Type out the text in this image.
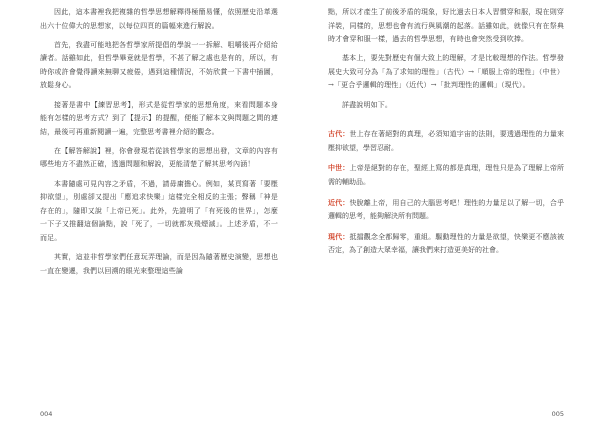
因此，這本書裡我把複雜的哲學思想解釋得極簡易懂，依照歷史沿革選出六十位偉大的思想家，以每位四頁的篇幅來進行解說。

首先，我盡可能地把各哲學家所提倡的學說一一拆解、咀嚼後再介紹給讀者。話雖如此，但哲學畢竟就是哲學，不甚了解之處也是有的，所以，有時你或許會覺得讀來無聊又疲倦，遇到這種情況，不妨欣賞一下書中插圖，放鬆身心。

接著是書中【練習思考】，形式是從哲學家的思想角度，來看問題本身能有怎樣的思考方式？到了【提示】的提醒，便能了解本文與問題之間的連結，最後可再重新閱讀一遍，完整思考書裡介紹的觀念。

在【解答解說】裡，你會發現若從該哲學家的思想出發，文章的內容有哪些地方不盡然正確，透過問題和解說，更能清楚了解其思考內涵！

本書隨處可見內容之矛盾，不過，請毋庸擔心。例如，某頁寫著「要壓抑欲望」，別處卻又提出「應追求快樂」這樣完全相反的主張；聲稱「神是存在的」，隨即又說「上帝已死」。此外，先證明了「有死後的世界」，怎麼一下子又推翻這個論點，說「死了，一切就都灰飛煙滅」。上述矛盾，不一而足。

其實，這並非哲學家們任意玩弄理論，而是因為隨著歷史演變，思想也一直在變遷，我們以回溯的眼光來整理這些論

004

點，所以才產生了前後矛盾的現象，好比過去日本人習慣穿和服，現在則穿洋裝，同樣的，思想也會有流行與風潮的起落。話雖如此，就像只有在祭典時才會穿和服一樣，過去的哲學思想，有時也會突然受到吹捧。

基本上，要先對歷史有個大致上的理解，才是比較理想的作法。哲學發展史大致可分為「為了求知的理性」（古代）→「順服上帝的理性」（中世）→「更合乎邏輯的理性」（近代）→「批判理性的邏輯」（現代）。

詳盡說明如下。

古代：世上存在著絕對的真理，必須知道宇宙的法則，要透過理性的力量來壓抑欲望，學習忍耐。

中世：上帝是絕對的存在，聖經上寫的都是真理，理性只是為了理解上帝所需的輔助品。

近代：快脫離上帝，用自己的大腦思考吧！理性的力量足以了解一切，合乎邏輯的思考，能夠解決所有問題。

現代：抵擋觀念全都歸零，重組。驅動理性的力量是欲望，快樂更不應該被否定，為了創造大眾幸福，讓我們來打造更美好的社會。

005
